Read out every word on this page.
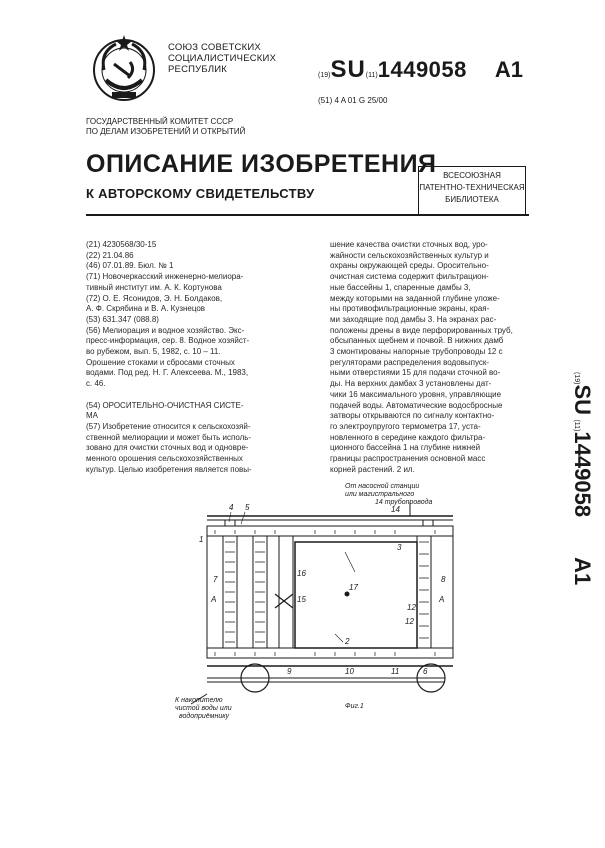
СОЮЗ СОВЕТСКИХ
СОЦИАЛИСТИЧЕСКИХ
РЕСПУБЛИК
(19)SU(11)1449058 A1
(51) 4 A 01 G 25/00
ГОСУДАРСТВЕННЫЙ КОМИТЕТ СССР
ПО ДЕЛАМ ИЗОБРЕТЕНИЙ И ОТКРЫТИЙ
ОПИСАНИЕ ИЗОБРЕТЕНИЯ
К АВТОРСКОМУ СВИДЕТЕЛЬСТВУ
ВСЕСОЮЗНАЯ
ПАТЕНТНО-ТЕХНИЧЕСКАЯ
БИБЛИОТЕКА
(21) 4230568/30-15
(22) 21.04.86
(46) 07.01.89. Бюл. № 1
(71) Новочеркасский инженерно-мелиора-
тивный институт им. А. К. Кортунова
(72) О. Е. Ясонидов, Э. Н. Болдаков,
А. Ф. Скрябина и В. А. Кузнецов
(53) 631.347 (088.8)
(56) Мелиорация и водное хозяйство. Экс-
пресс-информация, сер. 8. Водное хозяйст-
во рубежом, вып. 5, 1982, с. 10 – 11.
Орошение стоками и сбросами сточных
водами. Под ред. Н. Г. Алексеева. М., 1983,
с. 46.

(54) ОРОСИТЕЛЬНО-ОЧИСТНАЯ СИСТЕ-
МА
(57) Изобретение относится к сельскохозяй-
ственной мелиорации и может быть исполь-
зовано для очистки сточных вод и одновре-
менного орошения сельскохозяйственных
культур. Целью изобретения является повы-
шение качества очистки сточных вод, уро-
жайности сельскохозяйственных культур и
охраны окружающей среды. Оросительно-
очистная система содержит фильтрацион-
ные бассейны 1, спаренные дамбы 3,
между которыми на заданной глубине уложе-
ны противофильтрационные экраны, края-
ми заходящие под дамбы 3. На экранах рас-
положены дрены в виде перфорированных труб,
обсыпанных щебнем и почвой. В нижних дамб
3 смонтированы напорные трубопроводы 12 с
регуляторами распределения водовыпуск-
ными отверстиями 15 для подачи сточной во-
ды. На верхних дамбах 3 установлены дат-
чики 16 максимального уровня, управляющие
подачей воды. Автоматические водосбросные
затворы открываются по сигналу контактно-
го электроупругого термометра 17, уста-
новленного в середине каждого фильтра-
ционного бассейна 1 на глубине нижней
границы распространения основной масс
корней растений. 2 ил.
(19)SU (11)1449058A1
От насосной станции
или магистрального
14 трубопровода
К накопителю
чистой воды или
водоприёмнику
Фиг.1
4 5
1
A	A
7	8
16
15
17
12
12
2
3
14
9	10	11	6
